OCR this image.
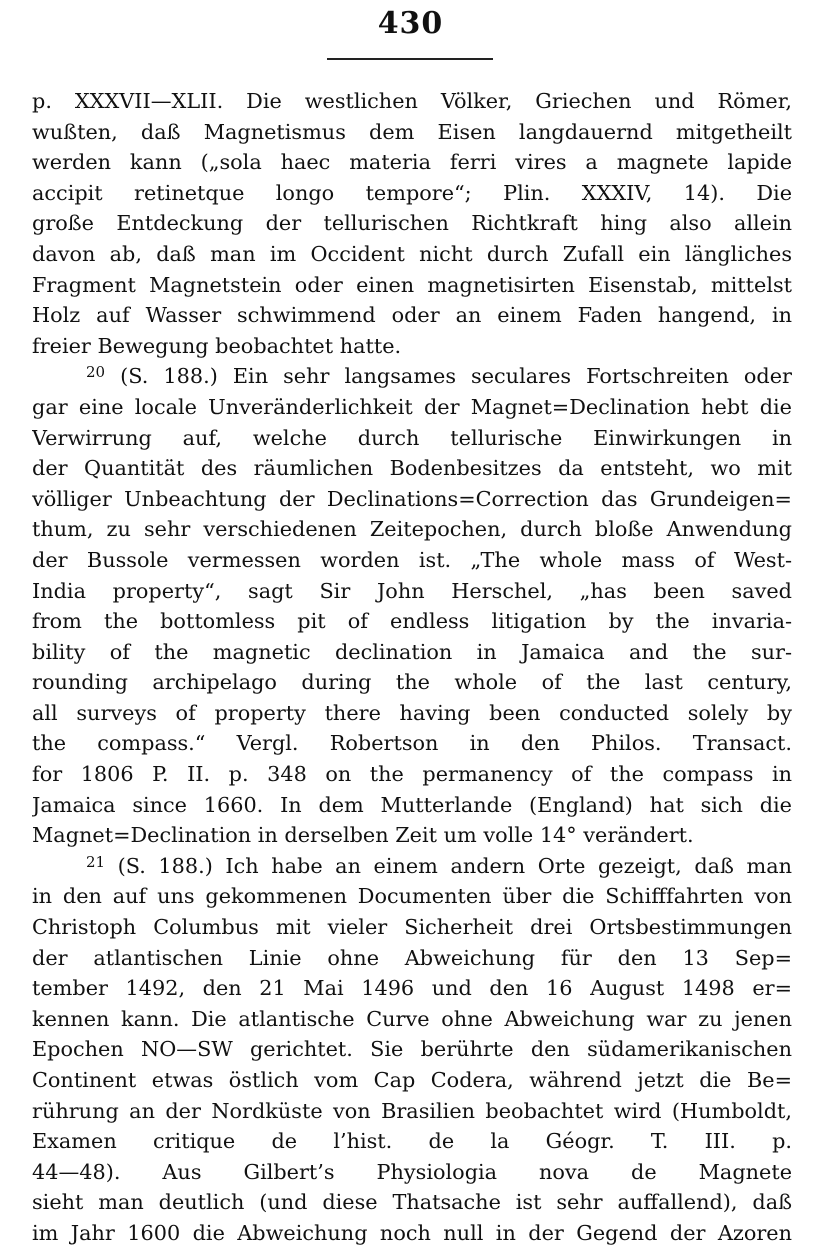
430
p. XXXVII—XLII. Die westlichen Völker, Griechen und Römer,
wußten, daß Magnetismus dem Eisen langdauernd mitgetheilt
werden kann („sola haec materia ferri vires a magnete lapide
accipit retinetque longo tempore“; Plin. XXXIV, 14). Die
große Entdeckung der tellurischen Richtkraft hing also allein
davon ab, daß man im Occident nicht durch Zufall ein längliches
Fragment Magnetstein oder einen magnetisirten Eisenstab, mittelst
Holz auf Wasser schwimmend oder an einem Faden hangend, in
freier Bewegung beobachtet hatte.
$^{20}$ (S. 188.) Ein sehr langsames seculares Fortschreiten oder
gar eine locale Unveränderlichkeit der Magnet=Declination hebt die
Verwirrung auf, welche durch tellurische Einwirkungen in
der Quantität des räumlichen Bodenbesitzes da entsteht, wo mit
völliger Unbeachtung der Declinations=Correction das Grundeigen=
thum, zu sehr verschiedenen Zeitepochen, durch bloße Anwendung
der Bussole vermessen worden ist. „The whole mass of West-
India property“, sagt Sir John Herschel, „has been saved
from the bottomless pit of endless litigation by the invaria-
bility of the magnetic declination in Jamaica and the sur-
rounding archipelago during the whole of the last century,
all surveys of property there having been conducted solely by
the compass.“ Vergl. Robertson in den Philos. Transact.
for 1806 P. II. p. 348 on the permanency of the compass in
Jamaica since 1660. In dem Mutterlande (England) hat sich die
Magnet=Declination in derselben Zeit um volle 14° verändert.
$^{21}$ (S. 188.) Ich habe an einem andern Orte gezeigt, daß man
in den auf uns gekommenen Documenten über die Schifffahrten von
Christoph Columbus mit vieler Sicherheit drei Ortsbestimmungen
der atlantischen Linie ohne Abweichung für den 13 Sep=
tember 1492, den 21 Mai 1496 und den 16 August 1498 er=
kennen kann. Die atlantische Curve ohne Abweichung war zu jenen
Epochen NO—SW gerichtet. Sie berührte den südamerikanischen
Continent etwas östlich vom Cap Codera, während jetzt die Be=
rührung an der Nordküste von Brasilien beobachtet wird (Humboldt,
Examen critique de l’hist. de la Géogr. T. III. p.
44—48). Aus Gilbert’s Physiologia nova de Magnete
sieht man deutlich (und diese Thatsache ist sehr auffallend), daß
im Jahr 1600 die Abweichung noch null in der Gegend der Azoren
